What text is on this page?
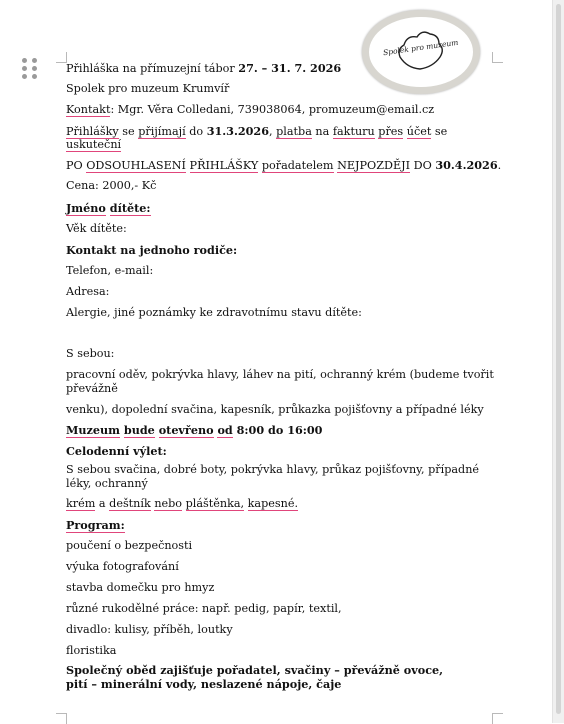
Spolek pro muzeum

Přihláška na přímuzejní tábor 27. – 31. 7. 2026

Spolek pro muzeum Krumvíř

Kontakt: Mgr. Věra Colledani, 739038064, promuzeum@email.cz

Přihlášky se přijímají do 31.3.2026, platba na fakturu přes účet se

uskuteční

PO ODSOUHLASENÍ PŘIHLÁŠKY pořadatelem NEJPOZDĚJI DO 30.4.2026.

Cena: 2000,- Kč

Jméno dítěte:

Věk dítěte:

Kontakt na jednoho rodiče:

Telefon, e-mail:

Adresa:

Alergie, jiné poznámky ke zdravotnímu stavu dítěte:

S sebou:

pracovní oděv, pokrývka hlavy, láhev na pití, ochranný krém (budeme tvořit převážně

venku), dopolední svačina, kapesník, průkazka pojišťovny a případné léky

Muzeum bude otevřeno od 8:00 do 16:00

Celodenní výlet:

S sebou svačina, dobré boty, pokrývka hlavy, průkaz pojišťovny, případné léky, ochranný

krém a deštník nebo pláštěnka, kapesné.

Program:

poučení o bezpečnosti

výuka fotografování

stavba domečku pro hmyz

různé rukodělné práce: např. pedig, papír, textil,

divadlo: kulisy, příběh, loutky

floristika

Společný oběd zajišťuje pořadatel, svačiny – převážně ovoce, pití – minerální vody, neslazené nápoje, čaje
